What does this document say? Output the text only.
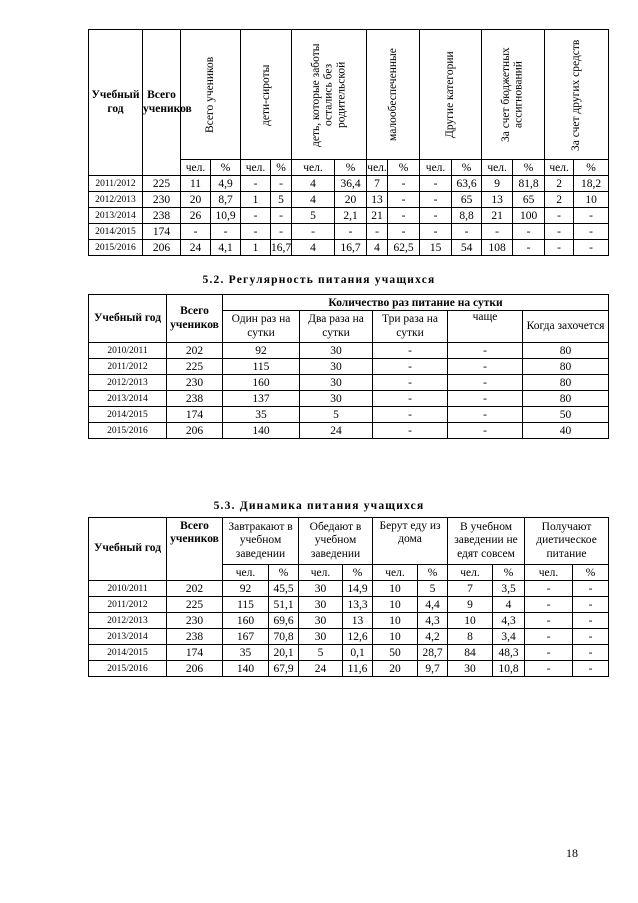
Учебный год	Всего учеников	Всего учеников		дети-сироты		деть, которые заботы остались без родительской		малообеспеченные		Другие категории		За счет бюджетных ассигнований		За счет других средств	

		чел.	%	чел.	%	чел.	%	чел.	%	чел.	%	чел.	%	чел.	%
2011/2012	225	11	4,9	-	-	4	36,4	7	-	-	63,6	9	81,8	2	18,2
2012/2013	230	20	8,7	1	5	4	20	13	-	-	65	13	65	2	10
2013/2014	238	26	10,9	-	-	5	2,1	21	-	-	8,8	21	100	-	-
2014/2015	174	-	-	-	-	-	-	-	-	-	-	-	-	-	-
2015/2016	206	24	4,1	1	16,7	4	16,7	4	62,5	15	54	108	-	-	-
5.2. Регулярность питания учащихся
Учебный год	Всего учеников	Количество раз питание на сутки				
		Один раз на сутки	Два раза на сутки	Три раза на сутки	чаще	Когда захочется
2010/2011	202	92	30	-	-	80
2011/2012	225	115	30	-	-	80
2012/2013	230	160	30	-	-	80
2013/2014	238	137	30	-	-	80
2014/2015	174	35	5	-	-	50
2015/2016	206	140	24	-	-	40
5.3. Динамика питания учащихся
Учебный год	Всего учеников	Завтракают в учебном заведении		Обедают в учебном заведении		Берут еду из дома		В учебном заведении не едят совсем		Получают диетическое питание	
		чел.	%	чел.	%	чел.	%	чел.	%	чел.	%
2010/2011	202	92	45,5	30	14,9	10	5	7	3,5	-	-
2011/2012	225	115	51,1	30	13,3	10	4,4	9	4	-	-
2012/2013	230	160	69,6	30	13	10	4,3	10	4,3	-	-
2013/2014	238	167	70,8	30	12,6	10	4,2	8	3,4	-	-
2014/2015	174	35	20,1	5	0,1	50	28,7	84	48,3	-	-
2015/2016	206	140	67,9	24	11,6	20	9,7	30	10,8	-	-
18
